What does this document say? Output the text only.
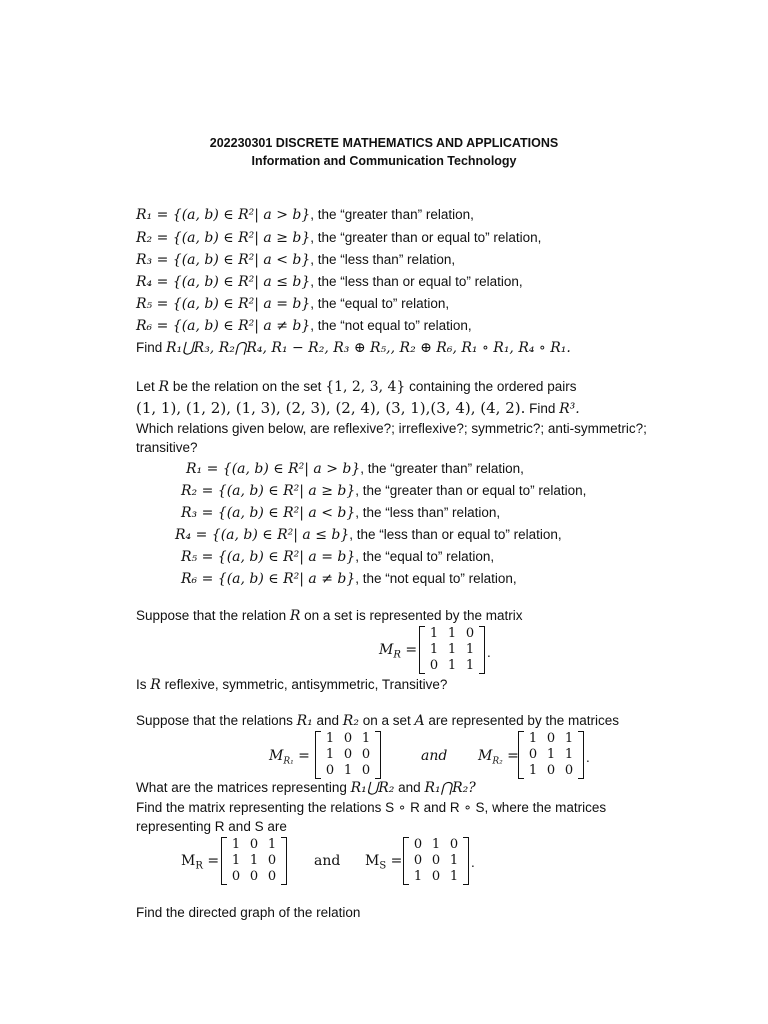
202230301 DISCRETE MATHEMATICS AND APPLICATIONS
Information and Communication Technology
R₁ = {(a, b) ∈ R²| a > b}, the “greater than” relation,
R₂ = {(a, b) ∈ R²| a ≥ b}, the “greater than or equal to” relation,
R₃ = {(a, b) ∈ R²| a < b}, the “less than” relation,
R₄ = {(a, b) ∈ R²| a ≤ b}, the “less than or equal to” relation,
R₅ = {(a, b) ∈ R²| a = b}, the “equal to” relation,
R₆ = {(a, b) ∈ R²| a ≠ b}, the “not equal to” relation,
Find R₁⋃R₃, R₂⋂R₄, R₁ − R₂, R₃ ⊕ R₅,, R₂ ⊕ R₆, R₁ ∘ R₁, R₄ ∘ R₁.
Let R be the relation on the set {1, 2, 3, 4} containing the ordered pairs
(1, 1), (1, 2), (1, 3), (2, 3), (2, 4), (3, 1),(3, 4), (4, 2). Find R³.
Which relations given below, are reflexive?; irreflexive?; symmetric?; anti-symmetric?;
transitive?
R₁ = {(a, b) ∈ R²| a > b}, the “greater than” relation,
R₂ = {(a, b) ∈ R²| a ≥ b}, the “greater than or equal to” relation,
R₃ = {(a, b) ∈ R²| a < b}, the “less than” relation,
R₄ = {(a, b) ∈ R²| a ≤ b}, the “less than or equal to” relation,
R₅ = {(a, b) ∈ R²| a = b}, the “equal to” relation,
R₆ = {(a, b) ∈ R²| a ≠ b}, the “not equal to” relation,
Suppose that the relation R on a set is represented by the matrix
$M_R$ =
1 1 0
1 1 1
0 1 1
.
Is R reflexive, symmetric, antisymmetric, Transitive?
Suppose that the relations R₁ and R₂ on a set A are represented by the matrices
$M_{R_1}$ =
1 0 1
1 0 0
0 1 0
and $M_{R_2}$ =
1 0 1
0 1 1
1 0 0
.
What are the matrices representing R₁⋃R₂ and R₁⋂R₂?
Find the matrix representing the relations S ∘ R and R ∘ S, where the matrices
representing R and S are
$M_R$ =
1 0 1
1 1 0
0 0 0
and $M_S$ =
0 1 0
0 0 1
1 0 1
.
Find the directed graph of the relation
